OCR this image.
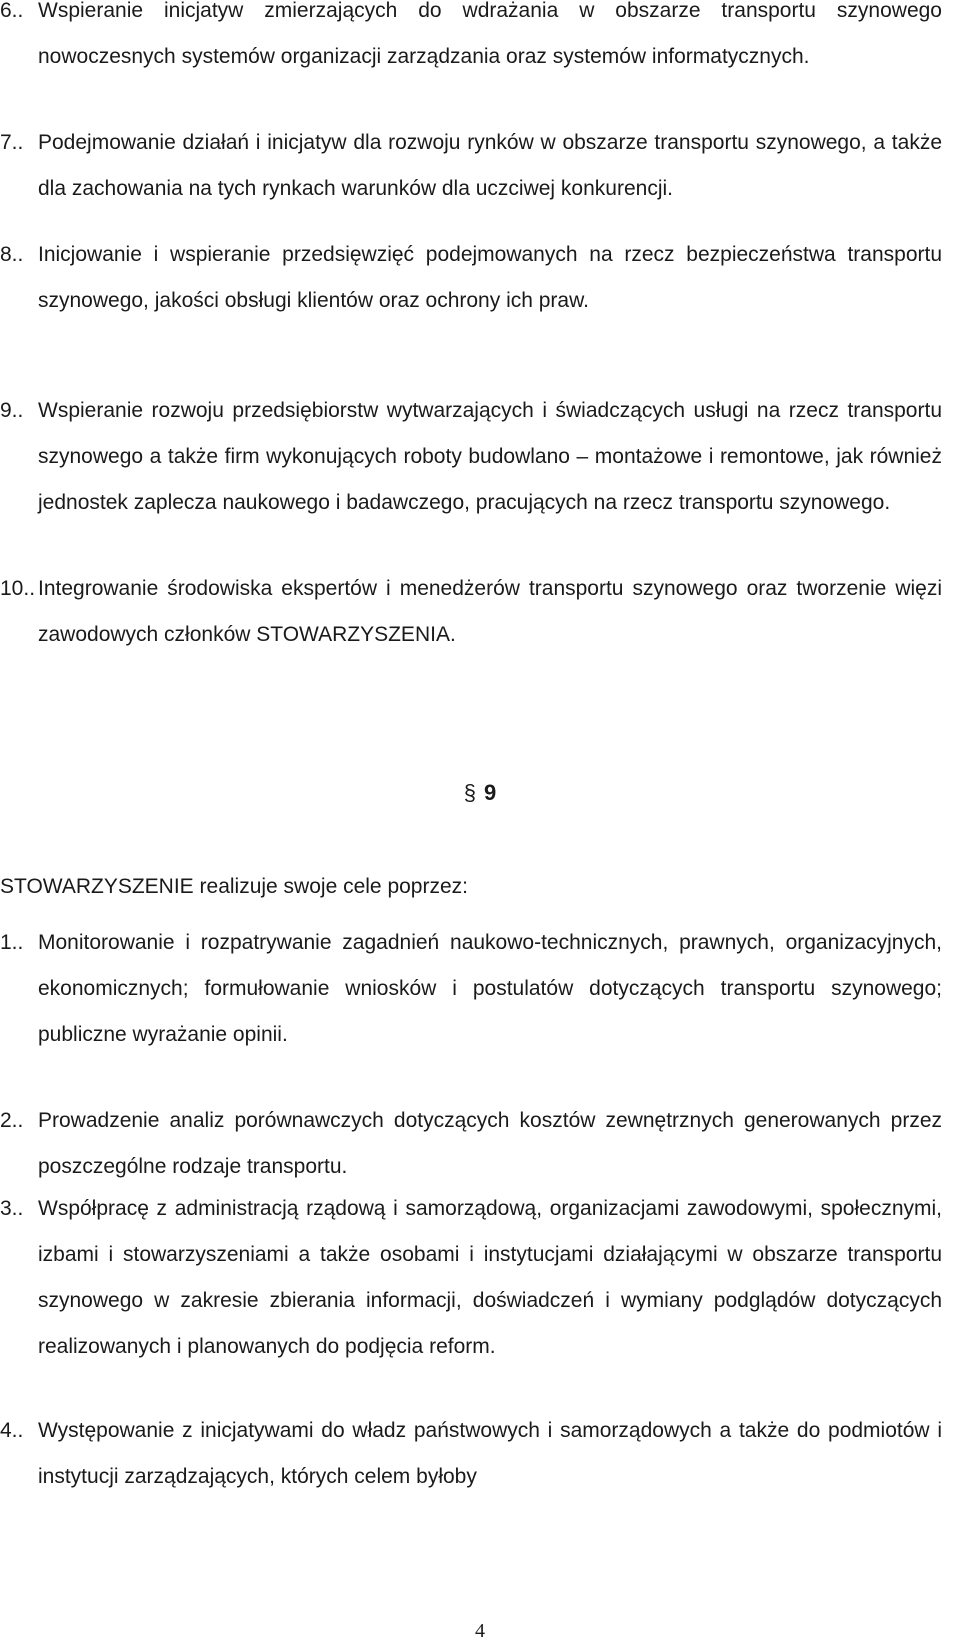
6.. Wspieranie inicjatyw zmierzających do wdrażania w obszarze transportu szynowego nowoczesnych systemów organizacji zarządzania oraz systemów informatycznych.
7.. Podejmowanie działań i inicjatyw dla rozwoju rynków w obszarze transportu szynowego, a także dla zachowania na tych rynkach warunków dla uczciwej konkurencji.
8.. Inicjowanie i wspieranie przedsięwzięć podejmowanych na rzecz bezpieczeństwa transportu szynowego, jakości obsługi klientów oraz ochrony ich praw.
9.. Wspieranie rozwoju przedsiębiorstw wytwarzających i świadczących usługi na rzecz transportu szynowego a także firm wykonujących roboty budowlano – montażowe i remontowe, jak również jednostek zaplecza naukowego i badawczego, pracujących na rzecz transportu szynowego.
10.. Integrowanie środowiska ekspertów i menedżerów transportu szynowego oraz tworzenie więzi zawodowych członków STOWARZYSZENIA.
§ 9
STOWARZYSZENIE realizuje swoje cele poprzez:
1.. Monitorowanie i rozpatrywanie zagadnień naukowo-technicznych, prawnych, organizacyjnych, ekonomicznych; formułowanie wniosków i postulatów dotyczących transportu szynowego; publiczne wyrażanie opinii.
2.. Prowadzenie analiz porównawczych dotyczących kosztów zewnętrznych generowanych przez poszczególne rodzaje transportu.
3.. Współpracę z administracją rządową i samorządową, organizacjami zawodowymi, społecznymi, izbami i stowarzyszeniami a także osobami i instytucjami działającymi w obszarze transportu szynowego w zakresie zbierania informacji, doświadczeń i wymiany podglądów dotyczących realizowanych i planowanych do podjęcia reform.
4.. Występowanie z inicjatywami do władz państwowych i samorządowych a także do podmiotów i instytucji zarządzających, których celem byłoby
4
